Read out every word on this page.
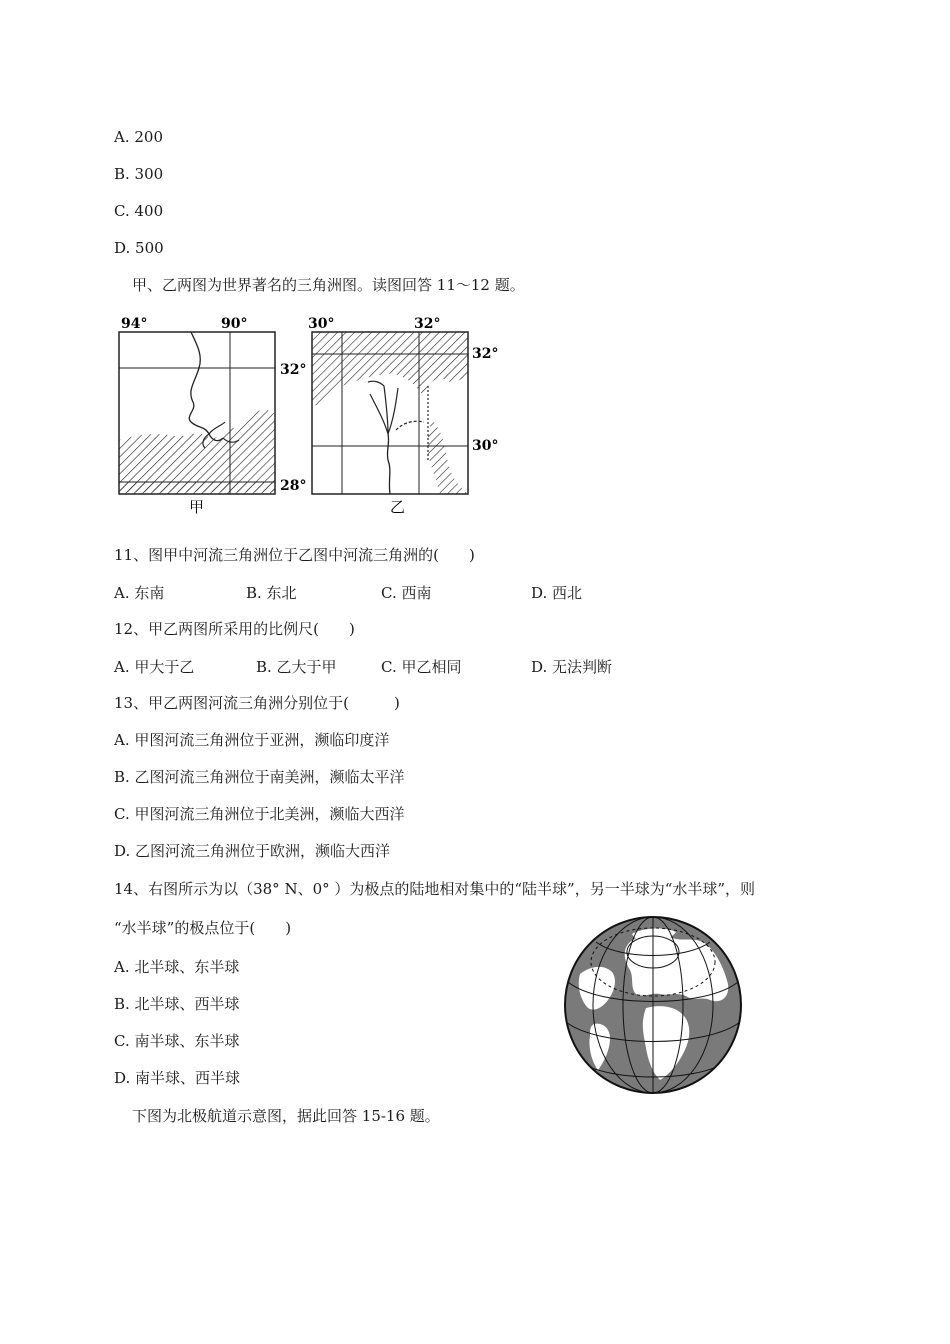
A. 200
B. 300
C. 400
D. 500
甲、乙两图为世界著名的三角洲图。读图回答 11～12 题。
94°	90°
32°
28°
甲
30°	32°
32°
30°
乙
11、图甲中河流三角洲位于乙图中河流三角洲的(　　)
A. 东南	B. 东北	C. 西南	D. 西北
12、甲乙两图所采用的比例尺(　　)
A. 甲大于乙	B. 乙大于甲	C. 甲乙相同	D. 无法判断
13、甲乙两图河流三角洲分别位于(　　　)
A. 甲图河流三角洲位于亚洲，濒临印度洋
B. 乙图河流三角洲位于南美洲，濒临太平洋
C. 甲图河流三角洲位于北美洲，濒临大西洋
D. 乙图河流三角洲位于欧洲，濒临大西洋
14、右图所示为以（38° N、0° ）为极点的陆地相对集中的“陆半球”，另一半球为“水半球”，则
“水半球”的极点位于(　　)
A. 北半球、东半球
B. 北半球、西半球
C. 南半球、东半球
D. 南半球、西半球
下图为北极航道示意图，据此回答 15-16 题。
